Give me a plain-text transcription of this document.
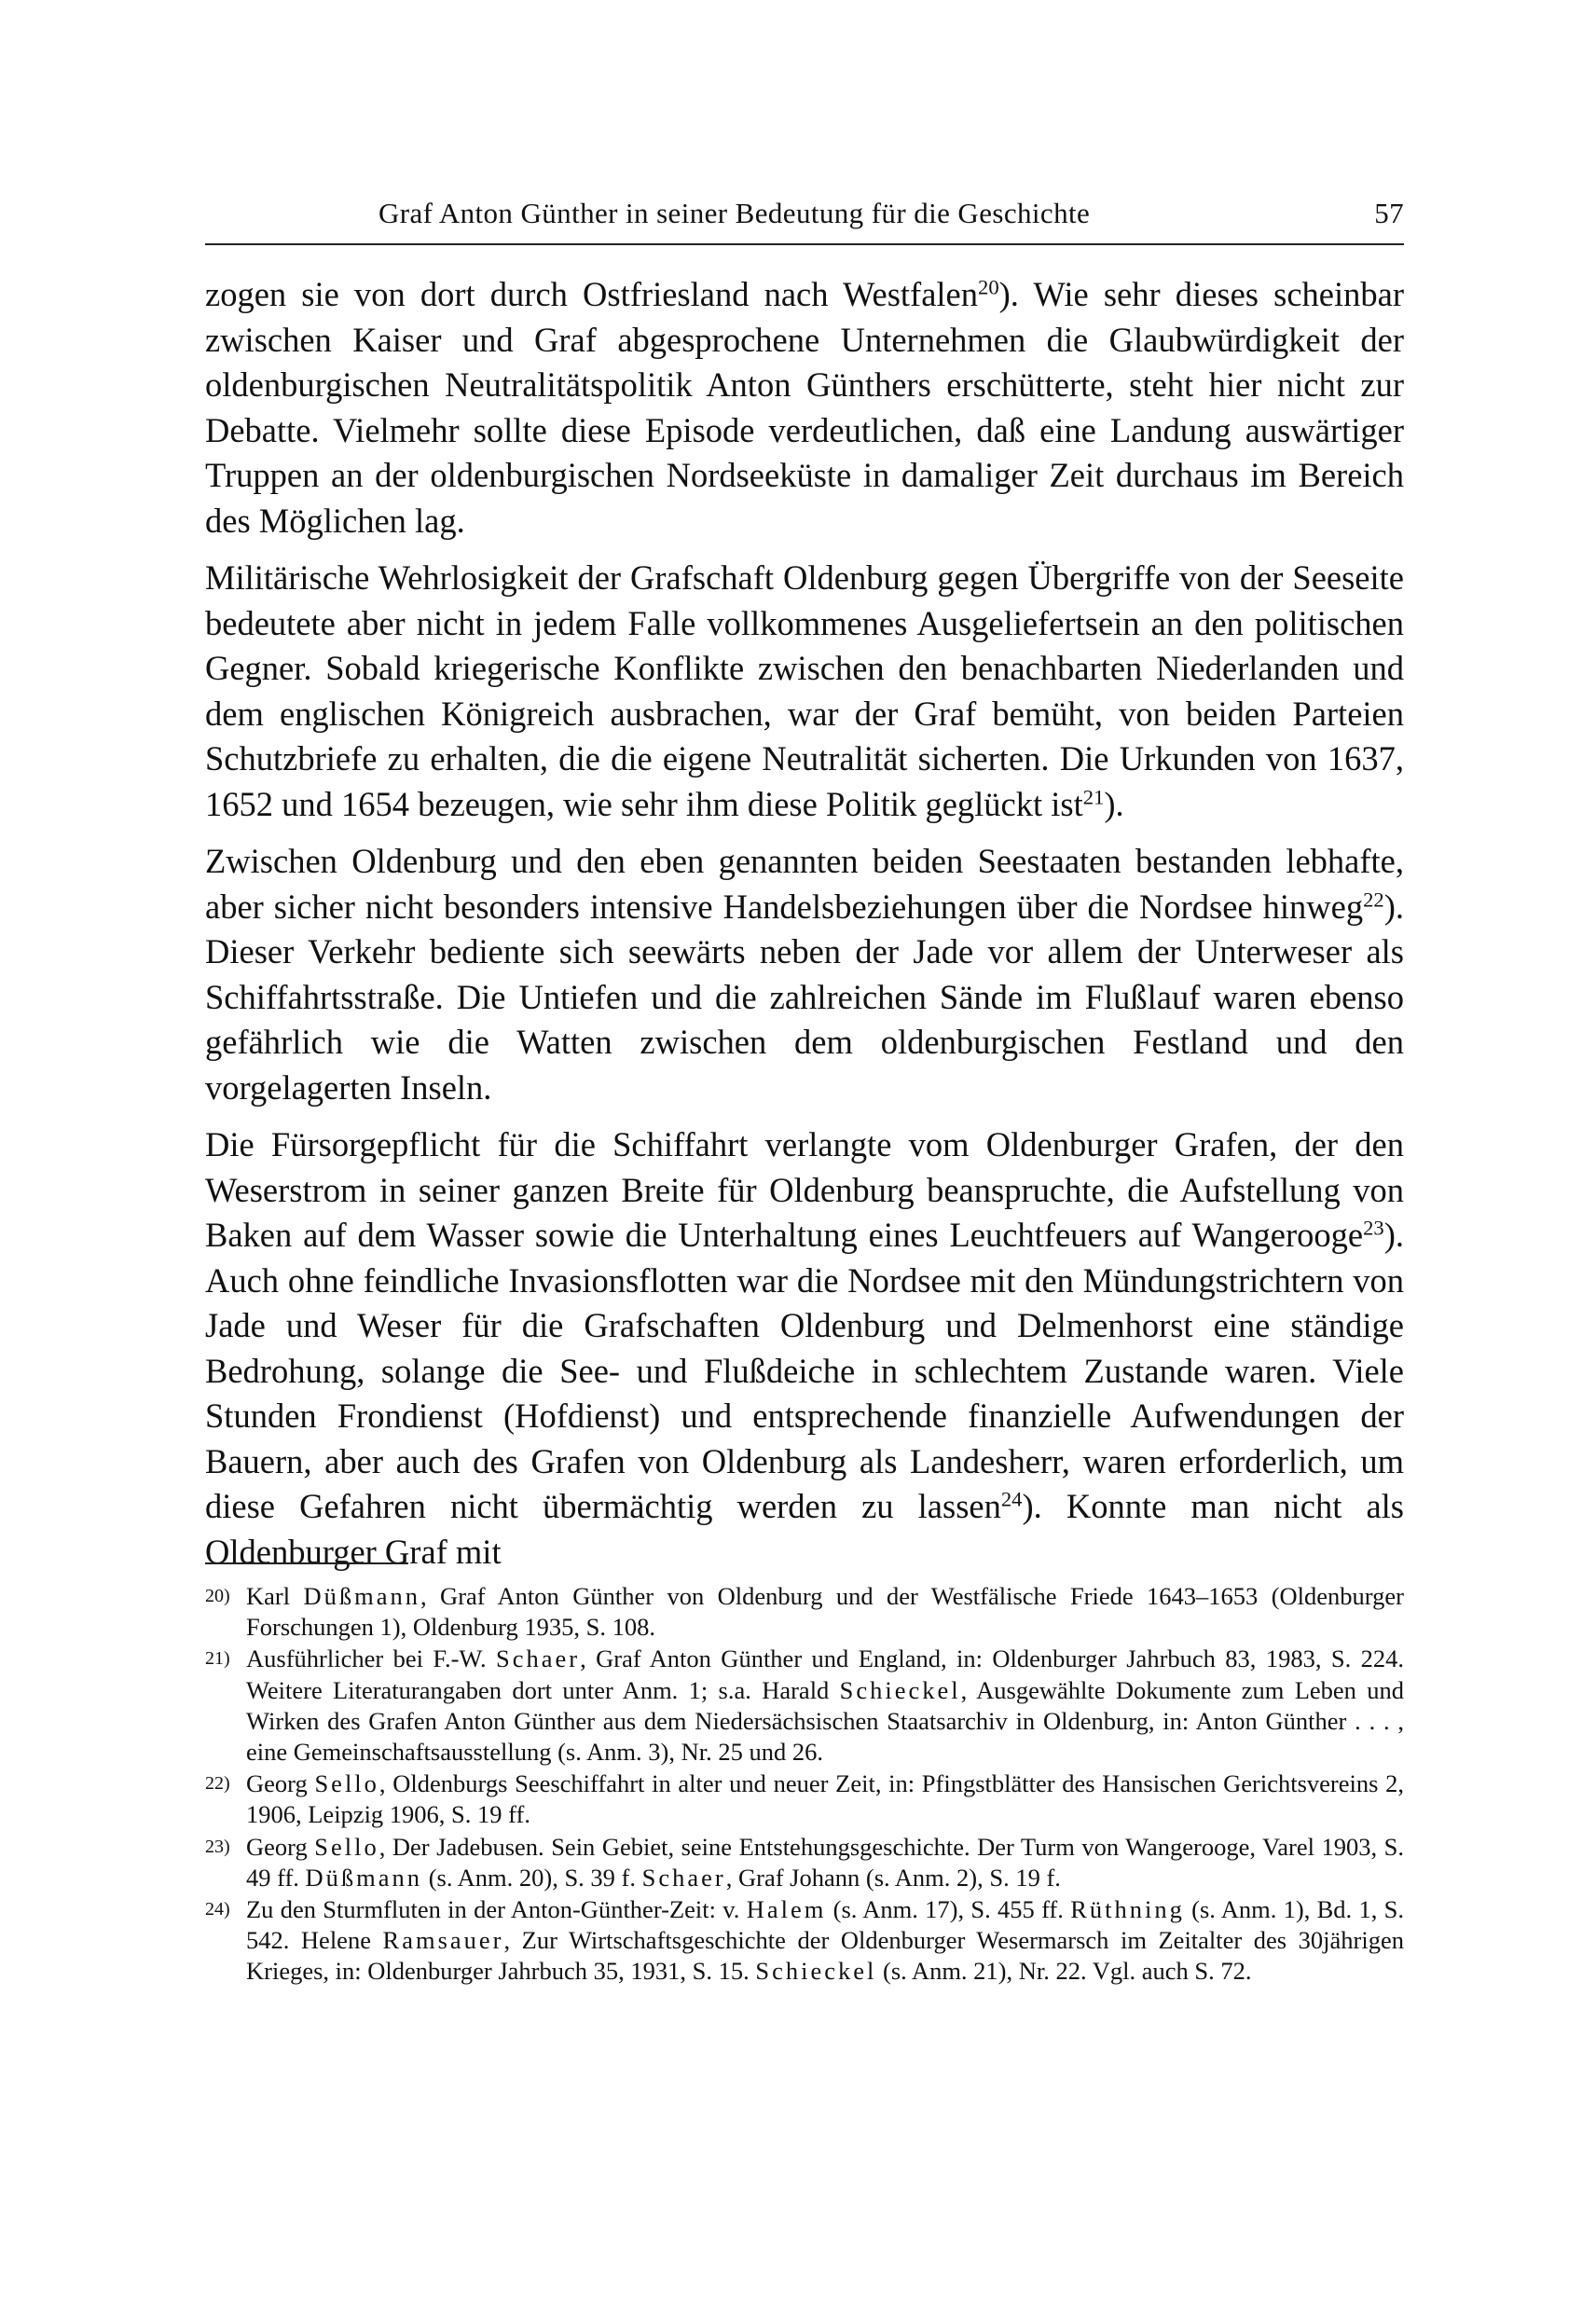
Graf Anton Günther in seiner Bedeutung für die Geschichte	57

zogen sie von dort durch Ostfriesland nach Westfalen$^{20}$). Wie sehr dieses scheinbar zwischen Kaiser und Graf abgesprochene Unternehmen die Glaubwürdigkeit der oldenburgischen Neutralitätspolitik Anton Günthers erschütterte, steht hier nicht zur Debatte. Vielmehr sollte diese Episode verdeutlichen, daß eine Landung auswärtiger Truppen an der oldenburgischen Nordseeküste in damaliger Zeit durchaus im Bereich des Möglichen lag.

Militärische Wehrlosigkeit der Grafschaft Oldenburg gegen Übergriffe von der Seeseite bedeutete aber nicht in jedem Falle vollkommenes Ausgeliefertsein an den politischen Gegner. Sobald kriegerische Konflikte zwischen den benachbarten Niederlanden und dem englischen Königreich ausbrachen, war der Graf bemüht, von beiden Parteien Schutzbriefe zu erhalten, die die eigene Neutralität sicherten. Die Urkunden von 1637, 1652 und 1654 bezeugen, wie sehr ihm diese Politik geglückt ist$^{21}$).

Zwischen Oldenburg und den eben genannten beiden Seestaaten bestanden lebhafte, aber sicher nicht besonders intensive Handelsbeziehungen über die Nordsee hinweg$^{22}$). Dieser Verkehr bediente sich seewärts neben der Jade vor allem der Unterweser als Schiffahrtsstraße. Die Untiefen und die zahlreichen Sände im Flußlauf waren ebenso gefährlich wie die Watten zwischen dem oldenburgischen Festland und den vorgelagerten Inseln.

Die Fürsorgepflicht für die Schiffahrt verlangte vom Oldenburger Grafen, der den Weserstrom in seiner ganzen Breite für Oldenburg beanspruchte, die Aufstellung von Baken auf dem Wasser sowie die Unterhaltung eines Leuchtfeuers auf Wangerooge$^{23}$). Auch ohne feindliche Invasionsflotten war die Nordsee mit den Mündungstrichtern von Jade und Weser für die Grafschaften Oldenburg und Delmenhorst eine ständige Bedrohung, solange die See- und Flußdeiche in schlechtem Zustande waren. Viele Stunden Frondienst (Hofdienst) und entsprechende finanzielle Aufwendungen der Bauern, aber auch des Grafen von Oldenburg als Landesherr, waren erforderlich, um diese Gefahren nicht übermächtig werden zu lassen$^{24}$). Konnte man nicht als Oldenburger Graf mit

20) Karl Düßmann, Graf Anton Günther von Oldenburg und der Westfälische Friede 1643–1653 (Oldenburger Forschungen 1), Oldenburg 1935, S. 108.
21) Ausführlicher bei F.-W. Schaer, Graf Anton Günther und England, in: Oldenburger Jahrbuch 83, 1983, S. 224. Weitere Literaturangaben dort unter Anm. 1; s.a. Harald Schieckel, Ausgewählte Dokumente zum Leben und Wirken des Grafen Anton Günther aus dem Niedersächsischen Staatsarchiv in Oldenburg, in: Anton Günther . . . , eine Gemeinschaftsausstellung (s. Anm. 3), Nr. 25 und 26.
22) Georg Sello, Oldenburgs Seeschiffahrt in alter und neuer Zeit, in: Pfingstblätter des Hansischen Gerichtsvereins 2, 1906, Leipzig 1906, S. 19 ff.
23) Georg Sello, Der Jadebusen. Sein Gebiet, seine Entstehungsgeschichte. Der Turm von Wangerooge, Varel 1903, S. 49 ff. Düßmann (s. Anm. 20), S. 39 f. Schaer, Graf Johann (s. Anm. 2), S. 19 f.
24) Zu den Sturmfluten in der Anton-Günther-Zeit: v. Halem (s. Anm. 17), S. 455 ff. Rüthning (s. Anm. 1), Bd. 1, S. 542. Helene Ramsauer, Zur Wirtschaftsgeschichte der Oldenburger Wesermarsch im Zeitalter des 30jährigen Krieges, in: Oldenburger Jahrbuch 35, 1931, S. 15. Schieckel (s. Anm. 21), Nr. 22. Vgl. auch S. 72.
